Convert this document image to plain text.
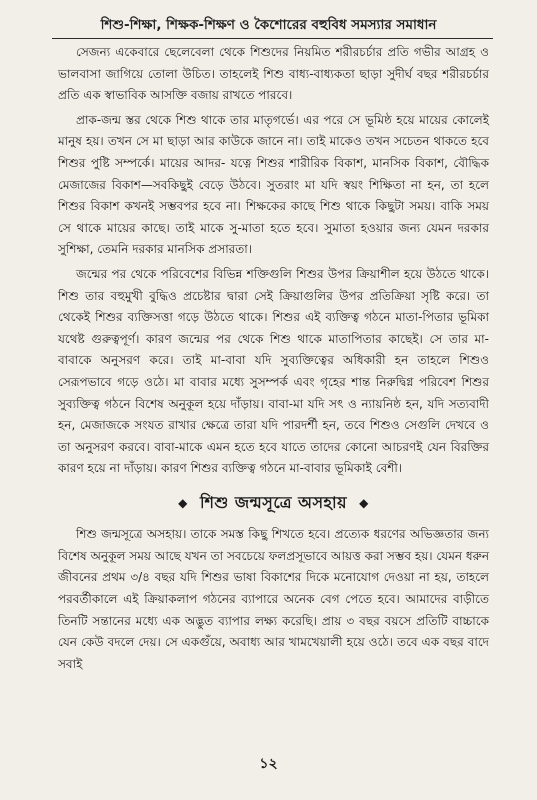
শিশু-শিক্ষা, শিক্ষক-শিক্ষণ ও কৈশোরের বহুবিধ সমস্যার সমাধান

সেজন্য একেবারে ছেলেবেলা থেকে শিশুদের নিয়মিত শরীরচর্চার প্রতি গভীর আগ্রহ ও ভালবাসা জাগিয়ে তোলা উচিত। তাহলেই শিশু বাধ্য-বাধ্যকতা ছাড়া সুদীর্ঘ বছর শরীরচর্চার প্রতি এক স্বাভাবিক আসক্তি বজায় রাখতে পারবে।

প্রাক-জন্ম স্তর থেকে শিশু থাকে তার মাতৃগর্ভে। এর পরে সে ভূমিষ্ঠ হয়ে মায়ের কোলেই মানুষ হয়। তখন সে মা ছাড়া আর কাউকে জানে না। তাই মাকেও তখন সচেতন থাকতে হবে শিশুর পুষ্টি সম্পর্কে। মায়ের আদর- যত্নে শিশুর শারীরিক বিকাশ, মানসিক বিকাশ, বৌদ্ধিক মেজাজের বিকাশ—সবকিছুই বেড়ে উঠবে। সুতরাং মা যদি স্বয়ং শিক্ষিতা না হন, তা হলে শিশুর বিকাশ কখনই সম্ভবপর হবে না। শিক্ষকের কাছে শিশু থাকে কিছুটা সময়। বাকি সময় সে থাকে মায়ের কাছে। তাই মাকে সু-মাতা হতে হবে। সুমাতা হওয়ার জন্য যেমন দরকার সুশিক্ষা, তেমনি দরকার মানসিক প্রসারতা।

জন্মের পর থেকে পরিবেশের বিভিন্ন শক্তিগুলি শিশুর উপর ক্রিয়াশীল হয়ে উঠতে থাকে। শিশু তার বহুমুখী বুদ্ধিও প্রচেষ্টার দ্বারা সেই ক্রিয়াগুলির উপর প্রতিক্রিয়া সৃষ্টি করে। তা থেকেই শিশুর ব্যক্তিসত্তা গড়ে উঠতে থাকে। শিশুর এই ব্যক্তিত্ব গঠনে মাতা-পিতার ভূমিকা যথেষ্ট গুরুত্বপূর্ণ। কারণ জন্মের পর থেকে শিশু থাকে মাতাপিতার কাছেই। সে তার মা-বাবাকে অনুসরণ করে। তাই মা-বাবা যদি সুব্যক্তিত্বের অধিকারী হন তাহলে শিশুও সেরূপভাবে গড়ে ওঠে। মা বাবার মধ্যে সুসম্পর্ক এবং গৃহের শান্ত নিরুদ্বিগ্ন পরিবেশ শিশুর সুব্যক্তিত্ব গঠনে বিশেষ অনুকূল হয়ে দাঁড়ায়। বাবা-মা যদি সৎ ও ন্যায়নিষ্ঠ হন, যদি সত্যবাদী হন, মেজাজকে সংযত রাখার ক্ষেত্রে তারা যদি পারদর্শী হন, তবে শিশুও সেগুলি দেখবে ও তা অনুসরণ করবে। বাবা-মাকে এমন হতে হবে যাতে তাদের কোনো আচরণই যেন বিরক্তির কারণ হয়ে না দাঁড়ায়। কারণ শিশুর ব্যক্তিত্ব গঠনে মা-বাবার ভূমিকাই বেশী।

◆ শিশু জন্মসূত্রে অসহায় ◆

শিশু জন্মসূত্রে অসহায়। তাকে সমস্ত কিছু শিখতে হবে। প্রত্যেক ধরণের অভিজ্ঞতার জন্য বিশেষ অনুকূল সময় আছে যখন তা সবচেয়ে ফলপ্রসূভাবে আয়ত্ত করা সম্ভব হয়। যেমন ধরুন জীবনের প্রথম ৩/৪ বছর যদি শিশুর ভাষা বিকাশের দিকে মনোযোগ দেওয়া না হয়, তাহলে পরবর্তীকালে এই ক্রিয়াকলাপ গঠনের ব্যাপারে অনেক বেগ পেতে হবে। আমাদের বাড়ীতে তিনটি সন্তানের মধ্যে এক অদ্ভুত ব্যাপার লক্ষ্য করেছি। প্রায় ৩ বছর বয়সে প্রতিটি বাচ্চাকে যেন কেউ বদলে দেয়। সে একগুঁয়ে, অবাধ্য আর খামখেয়ালী হয়ে ওঠে। তবে এক বছর বাদে সবাই

১২
